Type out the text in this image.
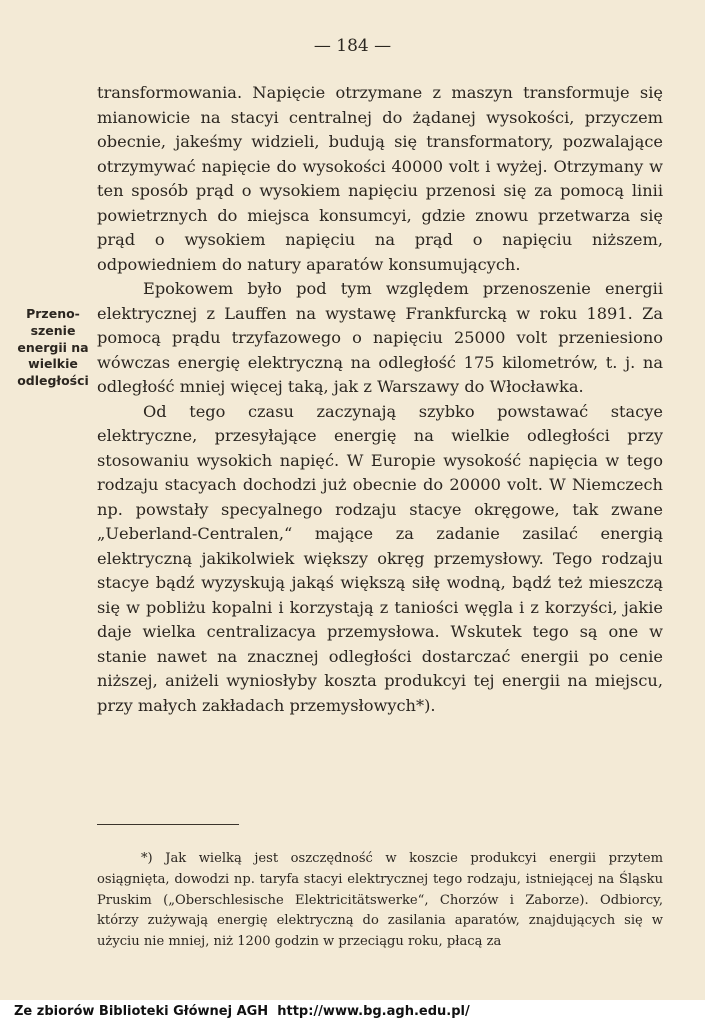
— 184 —
Przeno-
szenie
energii na
wielkie
odległości

transformowania. Napięcie otrzymane z maszyn transformuje się mianowicie na stacyi centralnej do żądanej wysokości, przyczem obecnie, jakeśmy widzieli, budują się transformatory, pozwalające otrzymywać napięcie do wysokości 40000 volt i wyżej. Otrzymany w ten sposób prąd o wysokiem napięciu przenosi się za pomocą linii powietrznych do miejsca konsumcyi, gdzie znowu przetwarza się prąd o wysokiem napięciu na prąd o napięciu niższem, odpowiedniem do natury aparatów konsumujących.

Epokowem było pod tym względem przenoszenie energii elektrycznej z Lauffen na wystawę Frankfurcką w roku 1891. Za pomocą prądu trzyfazowego o napięciu 25000 volt przeniesiono wówczas energię elektryczną na odległość 175 kilometrów, t. j. na odległość mniej więcej taką, jak z Warszawy do Włocławka.

Od tego czasu zaczynają szybko powstawać stacye elektryczne, przesyłające energię na wielkie odległości przy stosowaniu wysokich napięć. W Europie wysokość napięcia w tego rodzaju stacyach dochodzi już obecnie do 20000 volt. W Niemczech np. powstały specyalnego rodzaju stacye okręgowe, tak zwane „Ueberland-Centralen,“ mające za zadanie zasilać energią elektryczną jakikolwiek większy okręg przemysłowy. Tego rodzaju stacye bądź wyzyskują jakąś większą siłę wodną, bądź też mieszczą się w pobliżu kopalni i korzystają z taniości węgla i z korzyści, jakie daje wielka centralizacya przemysłowa. Wskutek tego są one w stanie nawet na znacznej odległości dostarczać energii po cenie niższej, aniżeli wyniosłyby koszta produkcyi tej energii na miejscu, przy małych zakładach przemysłowych*).

*) Jak wielką jest oszczędność w koszcie produkcyi energii przytem osiągnięta, dowodzi np. taryfa stacyi elektrycznej tego rodzaju, istniejącej na Śląsku Pruskim („Oberschlesische Elektricitätswerke“, Chorzów i Zaborze). Odbiorcy, którzy zużywają energię elektryczną do zasilania aparatów, znajdujących się w użyciu nie mniej, niż 1200 godzin w przeciągu roku, płacą za

Ze zbiorów Biblioteki Głównej AGH http://www.bg.agh.edu.pl/
